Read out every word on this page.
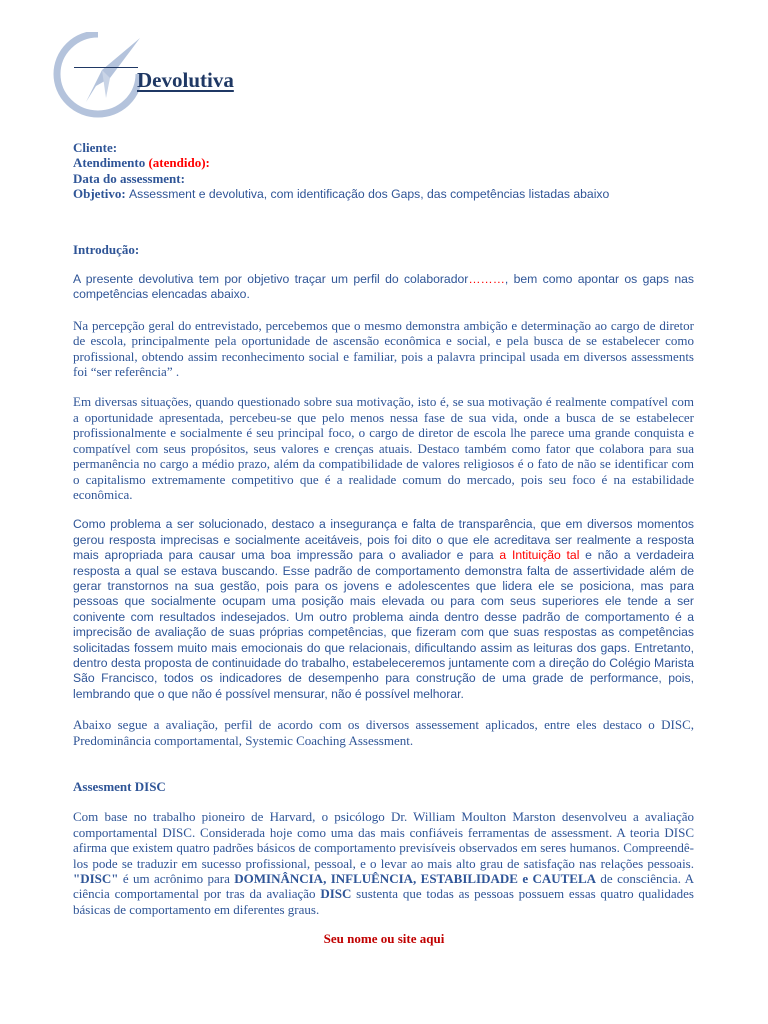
Devolutiva

Cliente:

Atendimento (atendido):

Data do assessment:

Objetivo: Assessment e devolutiva, com identificação dos Gaps, das competências listadas abaixo

Introdução:

A presente devolutiva tem por objetivo traçar um perfil do colaborador………, bem como apontar os gaps nas competências elencadas abaixo.

Na percepção geral do entrevistado, percebemos que o mesmo demonstra ambição e determinação ao cargo de diretor de escola, principalmente pela oportunidade de ascensão econômica e social, e pela busca de se estabelecer como profissional, obtendo assim reconhecimento social e familiar, pois a palavra principal usada em diversos assessments foi “ser referência” .

Em diversas situações, quando questionado sobre sua motivação, isto é, se sua motivação é realmente compatível com a oportunidade apresentada, percebeu-se que pelo menos nessa fase de sua vida, onde a busca de se estabelecer profissionalmente e socialmente é seu principal foco, o cargo de diretor de escola lhe parece uma grande conquista e compatível com seus propósitos, seus valores e crenças atuais. Destaco também como fator que colabora para sua permanência no cargo a médio prazo, além da compatibilidade de valores religiosos é o fato de não se identificar com o capitalismo extremamente competitivo que é a realidade comum do mercado, pois seu foco é na estabilidade econômica.

Como problema a ser solucionado, destaco a insegurança e falta de transparência, que em diversos momentos gerou resposta imprecisas e socialmente aceitáveis, pois foi dito o que ele acreditava ser realmente a resposta mais apropriada para causar uma boa impressão para o avaliador e para a Intituição tal e não a verdadeira resposta a qual se estava buscando. Esse padrão de comportamento demonstra falta de assertividade além de gerar transtornos na sua gestão, pois para os jovens e adolescentes que lidera ele se posiciona, mas para pessoas que socialmente ocupam uma posição mais elevada ou para com seus superiores ele tende a ser conivente com resultados indesejados. Um outro problema ainda dentro desse padrão de comportamento é a imprecisão de avaliação de suas próprias competências, que fizeram com que suas respostas as competências solicitadas fossem muito mais emocionais do que relacionais, dificultando assim as leituras dos gaps. Entretanto, dentro desta proposta de continuidade do trabalho, estabeleceremos juntamente com a direção do Colégio Marista São Francisco, todos os indicadores de desempenho para construção de uma grade de performance, pois, lembrando que o que não é possível mensurar, não é possível melhorar.

Abaixo segue a avaliação, perfil de acordo com os diversos assessement aplicados, entre eles destaco o DISC, Predominância comportamental, Systemic Coaching Assessment.

Assesment DISC

Com base no trabalho pioneiro de Harvard, o psicólogo Dr. William Moulton Marston desenvolveu a avaliação comportamental DISC. Considerada hoje como uma das mais confiáveis ferramentas de assessment. A teoria DISC afirma que existem quatro padrões básicos de comportamento previsíveis observados em seres humanos. Compreendê-los pode se traduzir em sucesso profissional, pessoal, e o levar ao mais alto grau de satisfação nas relações pessoais. "DISC" é um acrônimo para DOMINÂNCIA, INFLUÊNCIA, ESTABILIDADE e CAUTELA de consciência. A ciência comportamental por tras da avaliação DISC sustenta que todas as pessoas possuem essas quatro qualidades básicas de comportamento em diferentes graus.

Seu nome ou site aqui
